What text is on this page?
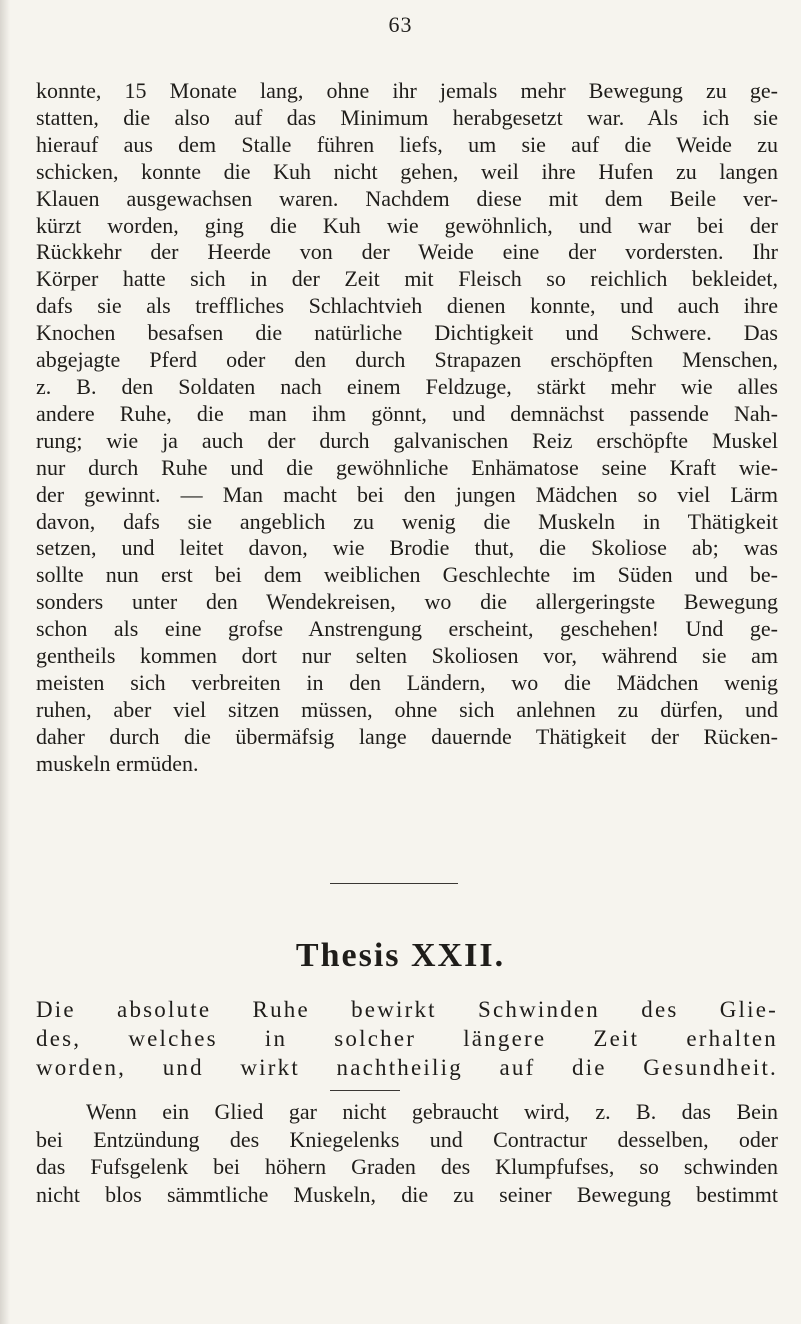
63
konnte, 15 Monate lang, ohne ihr jemals mehr Bewegung zu ge-
statten, die also auf das Minimum herabgesetzt war. Als ich sie
hierauf aus dem Stalle führen liefs, um sie auf die Weide zu
schicken, konnte die Kuh nicht gehen, weil ihre Hufen zu langen
Klauen ausgewachsen waren. Nachdem diese mit dem Beile ver-
kürzt worden, ging die Kuh wie gewöhnlich, und war bei der
Rückkehr der Heerde von der Weide eine der vordersten. Ihr
Körper hatte sich in der Zeit mit Fleisch so reichlich bekleidet,
dafs sie als treffliches Schlachtvieh dienen konnte, und auch ihre
Knochen besafsen die natürliche Dichtigkeit und Schwere. Das
abgejagte Pferd oder den durch Strapazen erschöpften Menschen,
z. B. den Soldaten nach einem Feldzuge, stärkt mehr wie alles
andere Ruhe, die man ihm gönnt, und demnächst passende Nah-
rung; wie ja auch der durch galvanischen Reiz erschöpfte Muskel
nur durch Ruhe und die gewöhnliche Enhämatose seine Kraft wie-
der gewinnt. — Man macht bei den jungen Mädchen so viel Lärm
davon, dafs sie angeblich zu wenig die Muskeln in Thätigkeit
setzen, und leitet davon, wie Brodie thut, die Skoliose ab; was
sollte nun erst bei dem weiblichen Geschlechte im Süden und be-
sonders unter den Wendekreisen, wo die allergeringste Bewegung
schon als eine grofse Anstrengung erscheint, geschehen! Und ge-
gentheils kommen dort nur selten Skoliosen vor, während sie am
meisten sich verbreiten in den Ländern, wo die Mädchen wenig
ruhen, aber viel sitzen müssen, ohne sich anlehnen zu dürfen, und
daher durch die übermäfsig lange dauernde Thätigkeit der Rücken-
muskeln ermüden.
Thesis XXII.
Die absolute Ruhe bewirkt Schwinden des Glie-
des, welches in solcher längere Zeit erhalten
worden, und wirkt nachtheilig auf die Gesundheit.
Wenn ein Glied gar nicht gebraucht wird, z. B. das Bein
bei Entzündung des Kniegelenks und Contractur desselben, oder
das Fufsgelenk bei höhern Graden des Klumpfufses, so schwinden
nicht blos sämmtliche Muskeln, die zu seiner Bewegung bestimmt
